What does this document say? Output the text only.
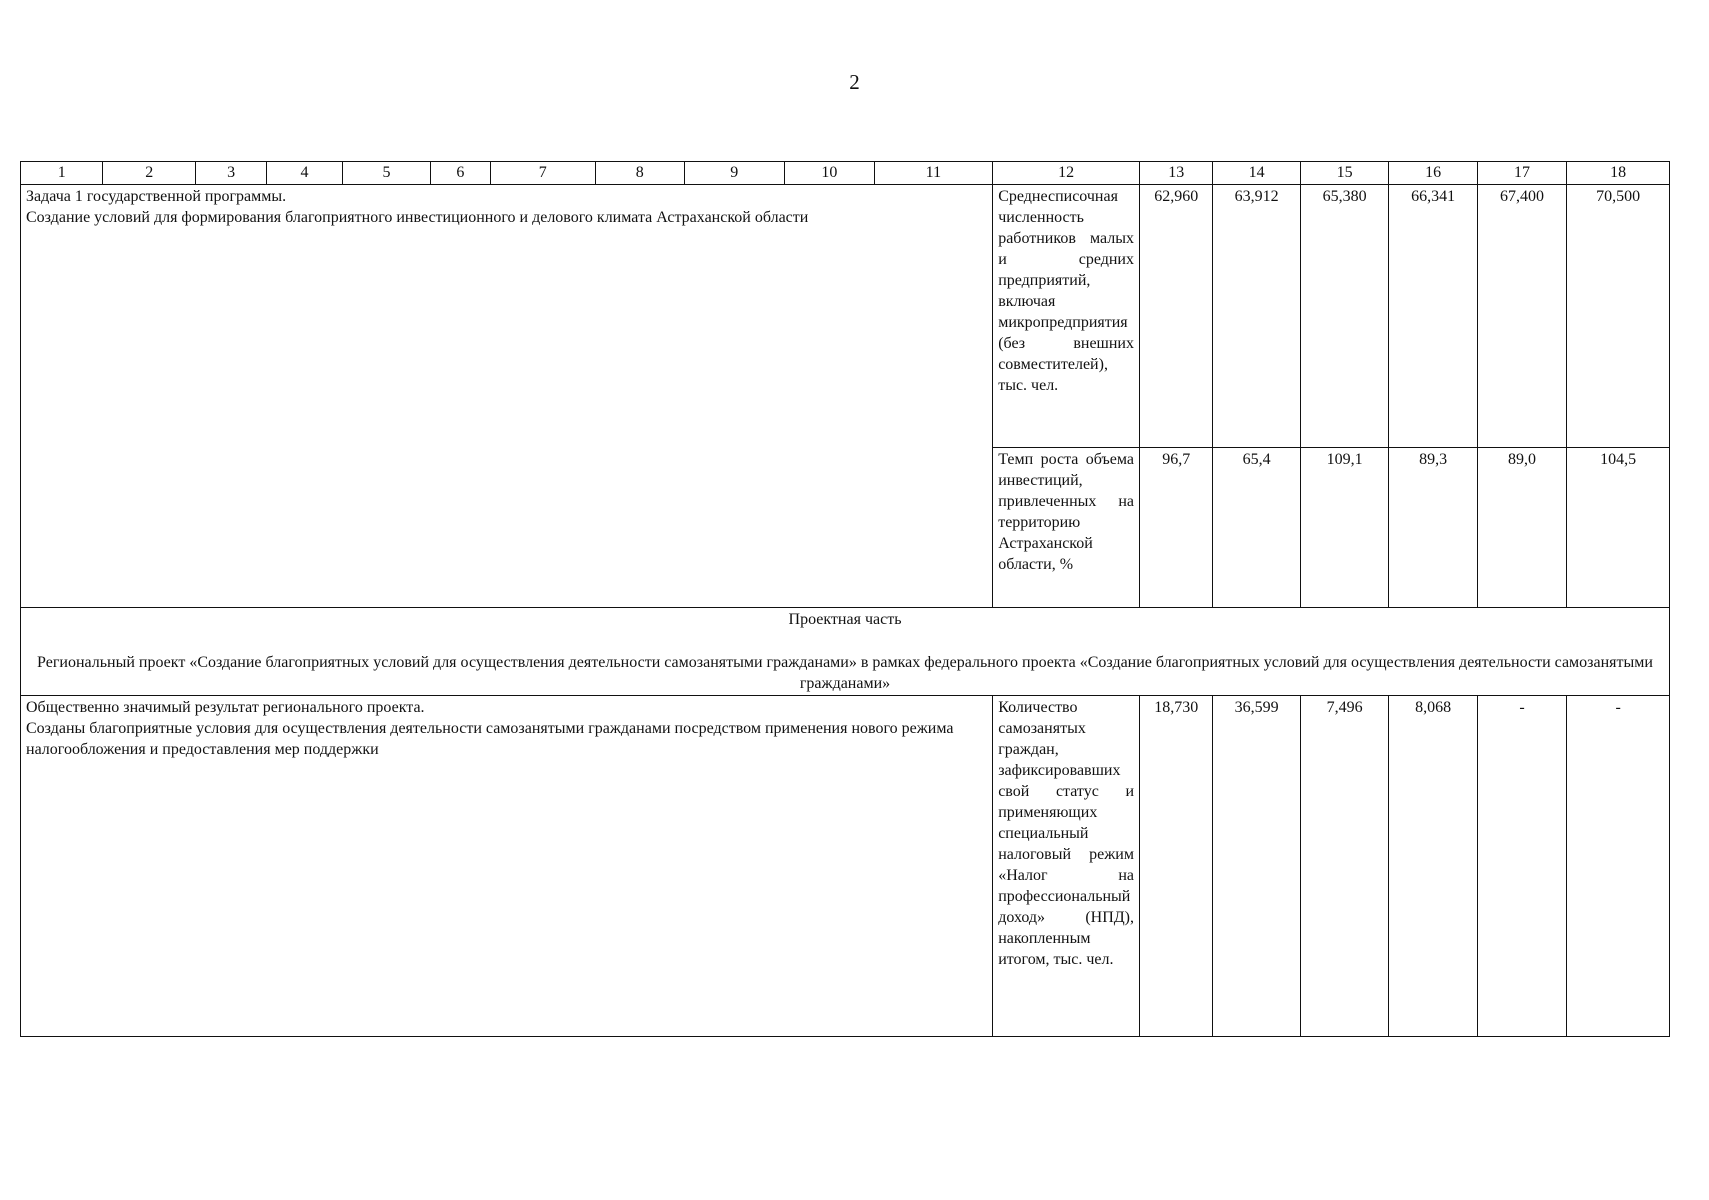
2
1	2	3	4	5	6	7	8	9	10	11	12	13	14	15	16	17	18

Задача 1 государственной программы.
Создание условий для формирования благоприятного инвестиционного и делового климата Астраханской области											Среднесписочная численность работников малых и средних предприятий, включая микропредприятия (без внешних совместителей), тыс. чел.	62,960	63,912	65,380	66,341	67,400	70,500
											Темп роста объема инвестиций, привлеченных на территорию Астраханской области, %	96,7	65,4	109,1	89,3	89,0	104,5

Проектная часть																	

Региональный проект «Создание благоприятных условий для осуществления деятельности самозанятыми гражданами» в рамках федерального проекта «Создание благоприятных условий для осуществления деятельности самозанятыми гражданами»																	

Общественно значимый результат регионального проекта.
Созданы благоприятные условия для осуществления деятельности самозанятыми гражданами посредством применения нового режима налогообложения и предоставления мер поддержки											Количество самозанятых граждан, зафиксировавших свой статус и применяющих специальный налоговый режим «Налог на профессиональный доход» (НПД), накопленным итогом, тыс. чел.	18,730	36,599	7,496	8,068	-	-
